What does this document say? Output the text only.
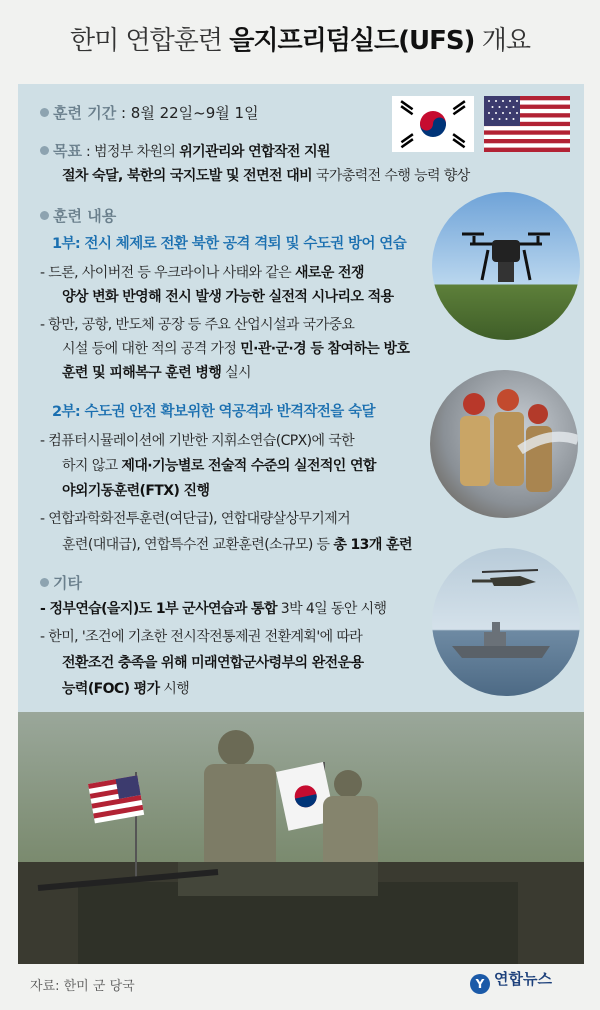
한미 연합훈련 을지프리덤실드(UFS) 개요
훈련 기간 : 8월 22일~9월 1일
목표 : 범정부 차원의 위기관리와 연합작전 지원
절차 숙달, 북한의 국지도발 및 전면전 대비 국가총력전 수행 능력 향상
훈련 내용
1부: 전시 체제로 전환 북한 공격 격퇴 및 수도권 방어 연습
- 드론, 사이버전 등 우크라이나 사태와 같은 새로운 전쟁
양상 변화 반영해 전시 발생 가능한 실전적 시나리오 적용
- 항만, 공항, 반도체 공장 등 주요 산업시설과 국가중요
시설 등에 대한 적의 공격 가정 민·관·군·경 등 참여하는 방호
훈련 및 피해복구 훈련 병행 실시
2부: 수도권 안전 확보위한 역공격과 반격작전을 숙달
- 컴퓨터시뮬레이션에 기반한 지휘소연습(CPX)에 국한
하지 않고 제대·기능별로 전술적 수준의 실전적인 연합
야외기동훈련(FTX) 진행
- 연합과학화전투훈련(여단급), 연합대량살상무기제거
훈련(대대급), 연합특수전 교환훈련(소규모) 등 총 13개 훈련
기타
- 정부연습(을지)도 1부 군사연습과 통합 3박 4일 동안 시행
- 한미, '조건에 기초한 전시작전통제권 전환계획'에 따라
전환조건 충족을 위해 미래연합군사령부의 완전운용
능력(FOC) 평가 시행
자료: 한미 군 당국	Y 연합뉴스
